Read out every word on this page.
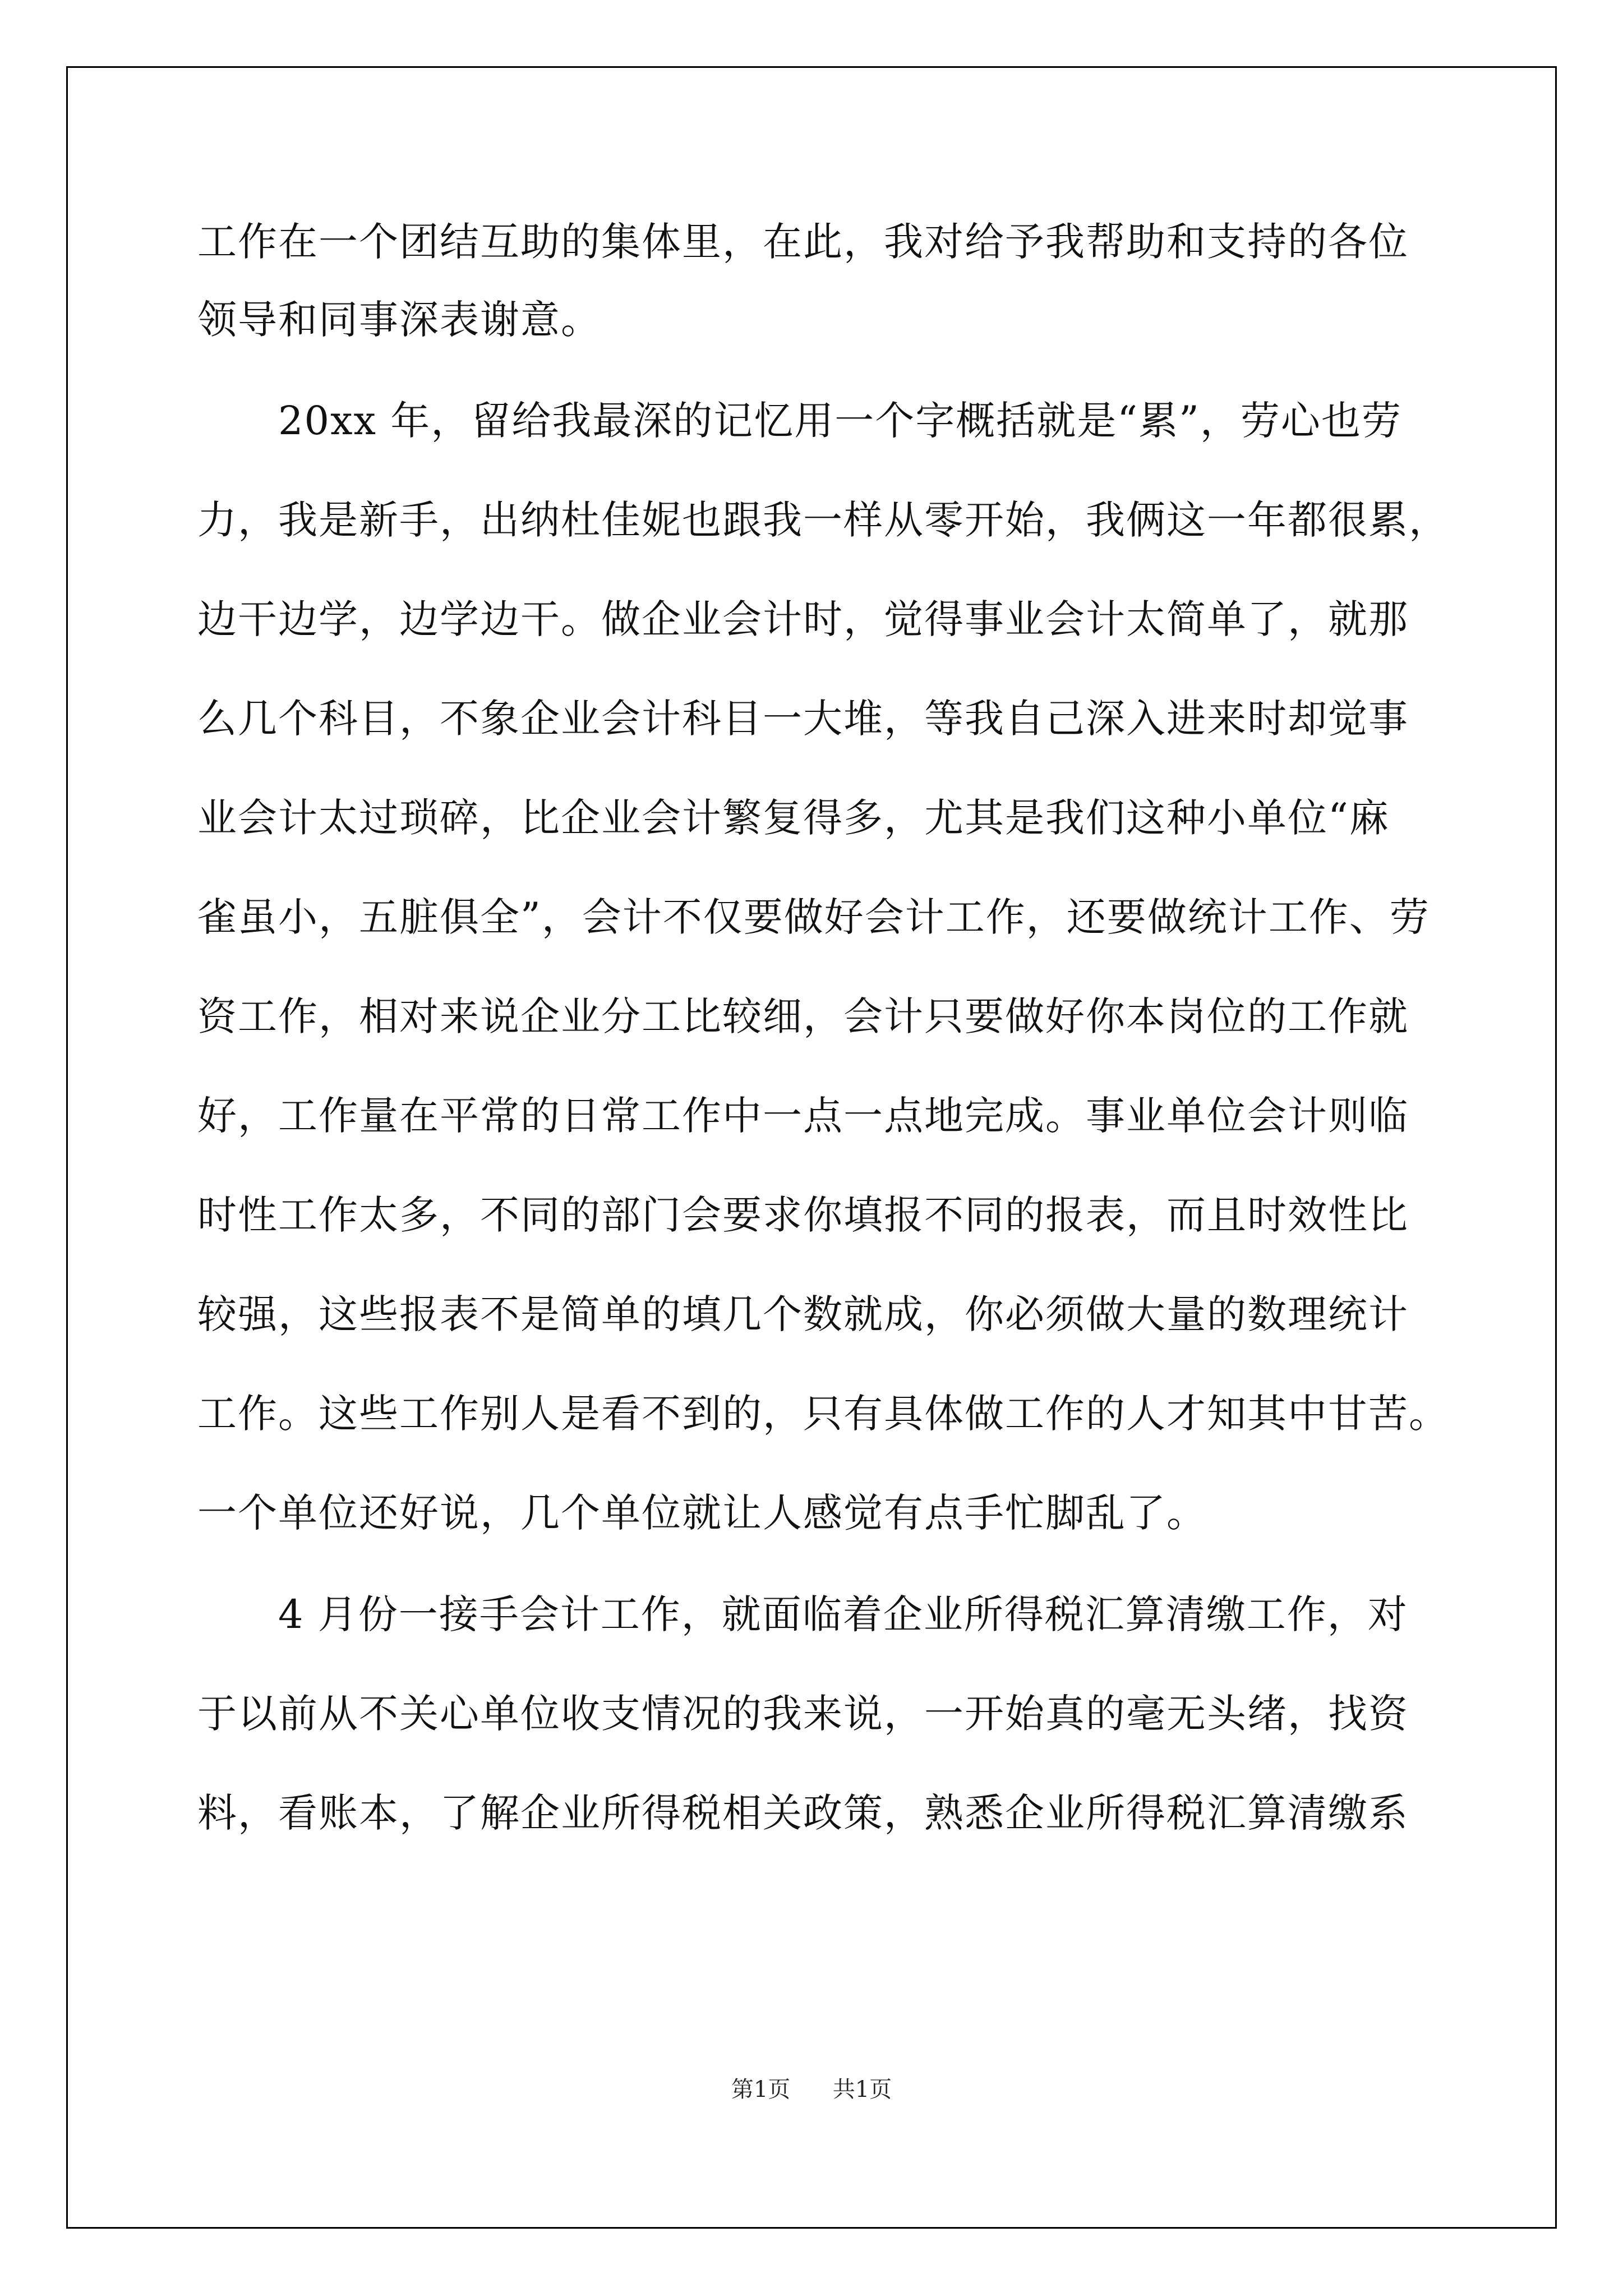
工作在一个团结互助的集体里，在此，我对给予我帮助和支持的各位
领导和同事深表谢意。
　　20xx 年，留给我最深的记忆用一个字概括就是“累”，劳心也劳
力，我是新手，出纳杜佳妮也跟我一样从零开始，我俩这一年都很累，
边干边学，边学边干。做企业会计时，觉得事业会计太简单了，就那
么几个科目，不象企业会计科目一大堆，等我自己深入进来时却觉事
业会计太过琐碎，比企业会计繁复得多，尤其是我们这种小单位“麻
雀虽小，五脏俱全”，会计不仅要做好会计工作，还要做统计工作、劳
资工作，相对来说企业分工比较细，会计只要做好你本岗位的工作就
好，工作量在平常的日常工作中一点一点地完成。事业单位会计则临
时性工作太多，不同的部门会要求你填报不同的报表，而且时效性比
较强，这些报表不是简单的填几个数就成，你必须做大量的数理统计
工作。这些工作别人是看不到的，只有具体做工作的人才知其中甘苦。
一个单位还好说，几个单位就让人感觉有点手忙脚乱了。
　　4 月份一接手会计工作，就面临着企业所得税汇算清缴工作，对
于以前从不关心单位收支情况的我来说，一开始真的毫无头绪，找资
料，看账本，了解企业所得税相关政策，熟悉企业所得税汇算清缴系
第1页 共1页
